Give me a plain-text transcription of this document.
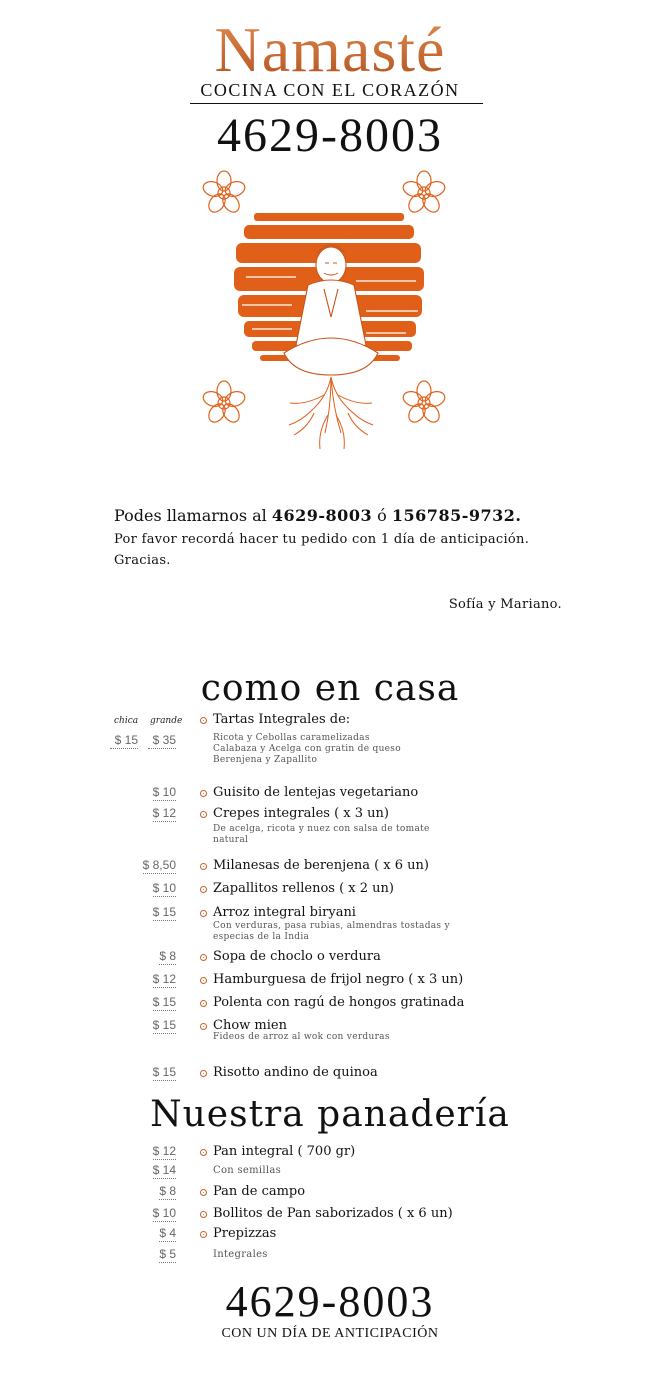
Namasté
COCINA CON EL CORAZÓN
4629-8003
Podes llamarnos al 4629-8003 ó 156785-9732.
Por favor recordá hacer tu pedido con 1 día de anticipación.
Gracias.
Sofía y Mariano.
como en casa
chica grande Tartas Integrales de:
$ 15	$ 35	Ricota y Cebollas caramelizadas
Calabaza y Acelga con gratin de queso
Berenjena y Zapallito
$ 10	Guisito de lentejas vegetariano
$ 12	Crepes integrales ( x 3 un)
De acelga, ricota y nuez con salsa de tomate
natural
$ 8,50	Milanesas de berenjena ( x 6 un)
$ 10	Zapallitos rellenos ( x 2 un)
$ 15	Arroz integral biryani
Con verduras, pasa rubias, almendras tostadas y
especias de la India
$ 8	Sopa de choclo o verdura
$ 12	Hamburguesa de frijol negro ( x 3 un)
$ 15	Polenta con ragú de hongos gratinada
$ 15	Chow mien
Fideos de arroz al wok con verduras
$ 15	Risotto andino de quinoa
Nuestra panadería
$ 12	Pan integral ( 700 gr)
$ 14	Con semillas
$ 8	Pan de campo
$ 10	Bollitos de Pan saborizados ( x 6 un)
$ 4	Prepizzas
$ 5	Integrales
4629-8003
CON UN DÍA DE ANTICIPACIÓN
